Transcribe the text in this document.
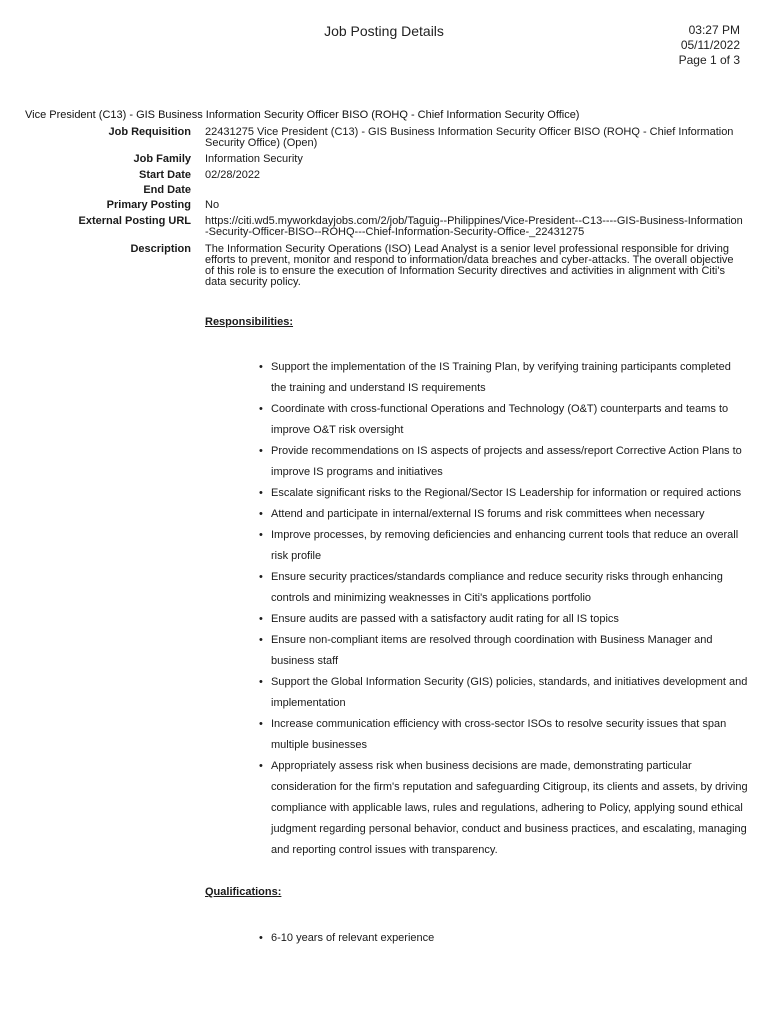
Job Posting Details	03:27 PM
05/11/2022
Page 1 of 3
Vice President (C13) - GIS Business Information Security Officer BISO (ROHQ - Chief Information Security Office)
Job Requisition 22431275 Vice President (C13) - GIS Business Information Security Officer BISO (ROHQ - Chief Information Security Office) (Open)
Job Family Information Security
Start Date 02/28/2022
End Date
Primary Posting No
External Posting URL https://citi.wd5.myworkdayjobs.com/2/job/Taguig--Philippines/Vice-President--C13----GIS-Business-Information-Security-Officer-BISO--ROHQ---Chief-Information-Security-Office-_22431275
Description The Information Security Operations (ISO) Lead Analyst is a senior level professional responsible for driving efforts to prevent, monitor and respond to information/data breaches and cyber-attacks. The overall objective of this role is to ensure the execution of Information Security directives and activities in alignment with Citi's data security policy.
Responsibilities:
• Support the implementation of the IS Training Plan, by verifying training participants completed the training and understand IS requirements
• Coordinate with cross-functional Operations and Technology (O&T) counterparts and teams to improve O&T risk oversight
• Provide recommendations on IS aspects of projects and assess/report Corrective Action Plans to improve IS programs and initiatives
• Escalate significant risks to the Regional/Sector IS Leadership for information or required actions
• Attend and participate in internal/external IS forums and risk committees when necessary
• Improve processes, by removing deficiencies and enhancing current tools that reduce an overall risk profile
• Ensure security practices/standards compliance and reduce security risks through enhancing controls and minimizing weaknesses in Citi's applications portfolio
• Ensure audits are passed with a satisfactory audit rating for all IS topics
• Ensure non-compliant items are resolved through coordination with Business Manager and business staff
• Support the Global Information Security (GIS) policies, standards, and initiatives development and implementation
• Increase communication efficiency with cross-sector ISOs to resolve security issues that span multiple businesses
• Appropriately assess risk when business decisions are made, demonstrating particular consideration for the firm's reputation and safeguarding Citigroup, its clients and assets, by driving compliance with applicable laws, rules and regulations, adhering to Policy, applying sound ethical judgment regarding personal behavior, conduct and business practices, and escalating, managing and reporting control issues with transparency.
Qualifications:
• 6-10 years of relevant experience
